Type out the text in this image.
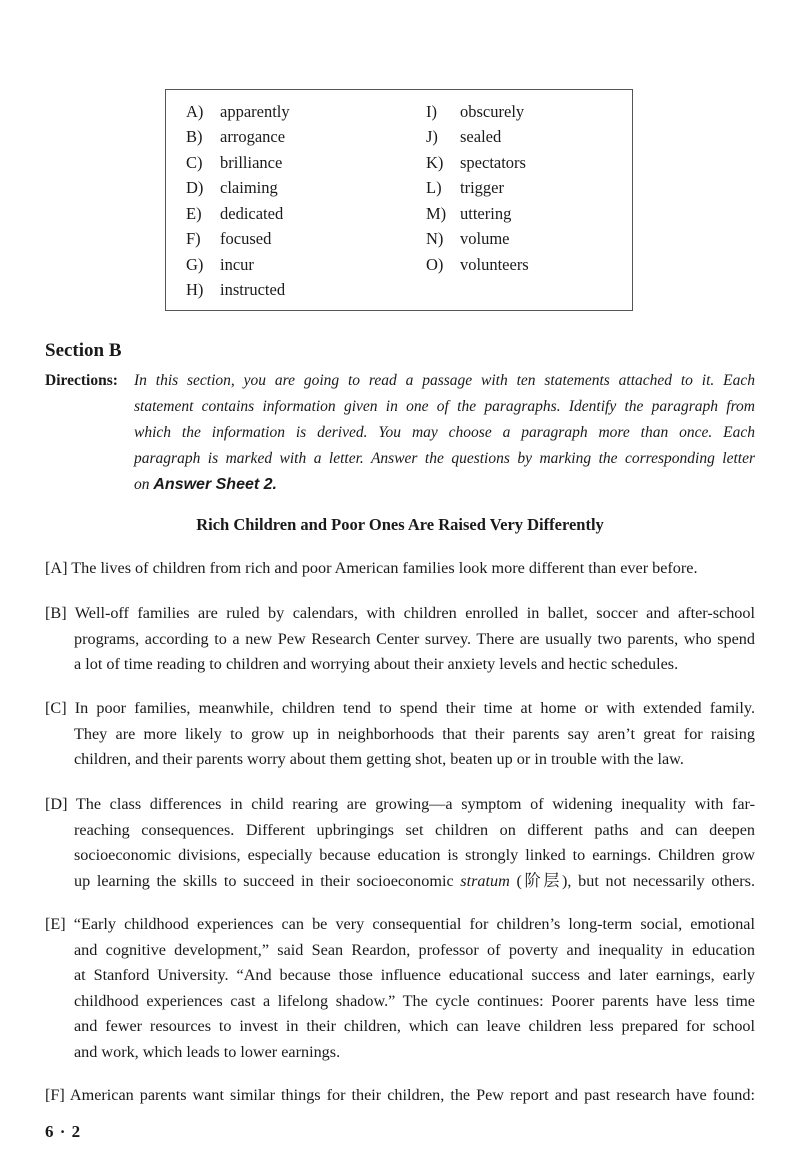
A)	apparently
B)	arrogance
C)	brilliance
D)	claiming
E)	dedicated
F)	focused
G)	incur
H)	instructed
I)	obscurely
J)	sealed
K)	spectators
L)	trigger
M) uttering
N)	volume
O)	volunteers
Section B
Directions: In this section, you are going to read a passage with ten statements attached to it. Each
statement contains information given in one of the paragraphs. Identify the paragraph from
which the information is derived. You may choose a paragraph more than once. Each
paragraph is marked with a letter. Answer the questions by marking the corresponding letter
on Answer Sheet 2.
Rich Children and Poor Ones Are Raised Very Differently
[A] The lives of children from rich and poor American families look more different than ever before.
[B] Well-off families are ruled by calendars, with children enrolled in ballet, soccer and after-school
programs, according to a new Pew Research Center survey. There are usually two parents, who spend
a lot of time reading to children and worrying about their anxiety levels and hectic schedules.
[C] In poor families, meanwhile, children tend to spend their time at home or with extended family.
They are more likely to grow up in neighborhoods that their parents say aren’t great for raising
children, and their parents worry about them getting shot, beaten up or in trouble with the law.
[D] The class differences in child rearing are growing—a symptom of widening inequality with far-
reaching consequences. Different upbringings set children on different paths and can deepen
socioeconomic divisions, especially because education is strongly linked to earnings. Children grow
up learning the skills to succeed in their socioeconomic stratum (阶层), but not necessarily others.
[E] “Early childhood experiences can be very consequential for children’s long-term social, emotional
and cognitive development,” said Sean Reardon, professor of poverty and inequality in education
at Stanford University. “And because those influence educational success and later earnings, early
childhood experiences cast a lifelong shadow.” The cycle continues: Poorer parents have less time
and fewer resources to invest in their children, which can leave children less prepared for school
and work, which leads to lower earnings.
[F] American parents want similar things for their children, the Pew report and past research have found:
6 · 2
